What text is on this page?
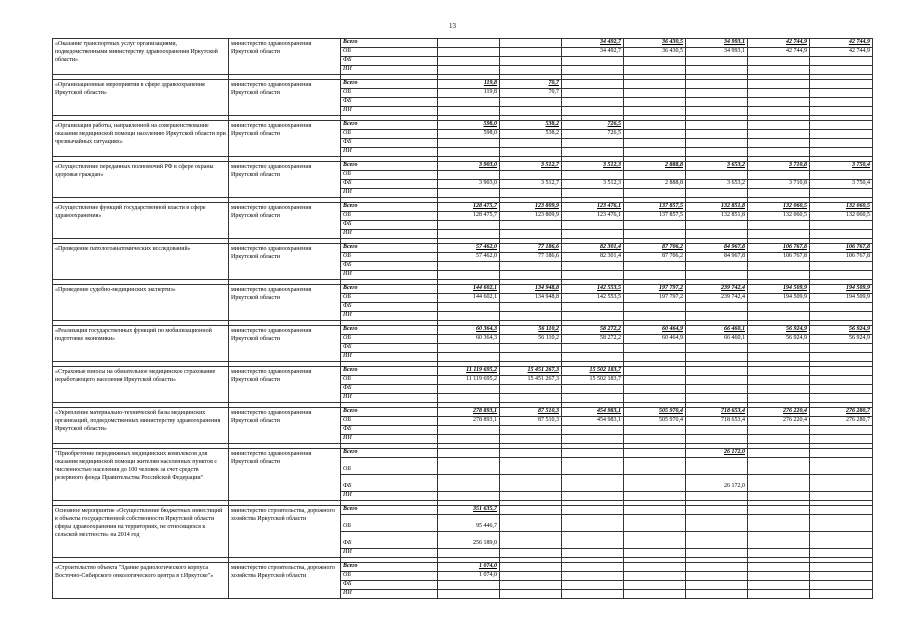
13
«Оказание транспортных услуг организациями, подведомственными министерству здравоохранения Иркутской области»	министерство здравоохранения Иркутской области	Всего			34 492,7	36 430,5	34 993,1	42 744,9	42 744,9
		ОБ			34 492,7	36 430,5	34 993,1	42 744,9	42 744,9
		ФБ							
		ИИ							

«Организационные мероприятия в сфере здравоохранения Иркутской области»	министерство здравоохранения Иркутской области	Всего	119,8	70,7					
		ОБ	119,8	70,7					
		ФБ							
		ИИ							

«Организация работы, направленной на совершенствование оказания медицинской помощи населению Иркутской области при чрезвычайных ситуациях»	министерство здравоохранения Иркутской области	Всего	598,0	538,2	726,5				
		ОБ	598,0	538,2	726,5				
		ФБ							
		ИИ							

«Осуществление переданных полномочий РФ в сфере охраны здоровья граждан»	министерство здравоохранения Иркутской области	Всего	3 903,0	3 512,7	3 512,3	2 888,8	3 653,2	3 710,8	3 750,4
		ОБ							
		ФБ	3 903,0	3 512,7	3 512,3	2 888,8	3 653,2	3 710,8	3 750,4
		ИИ							

«Осуществление функций государственной власти в сфере здравоохранения»	министерство здравоохранения Иркутской области	Всего	128 475,7	123 809,9	123 476,1	137 857,5	132 851,8	132 060,5	132 060,5
		ОБ	128 475,7	123 809,9	123 476,1	137 857,5	132 851,8	132 060,5	132 060,5
		ФБ							
		ИИ							

«Проведение патологоанатомических исследований»	министерство здравоохранения Иркутской области	Всего	57 462,0	77 186,6	82 301,4	87 706,2	84 967,8	106 767,8	106 767,8
		ОБ	57 462,0	77 186,6	82 301,4	87 706,2	84 967,8	106 767,8	106 767,8
		ФБ							
		ИИ							

«Проведение судебно-медицинских экспертиз»	министерство здравоохранения Иркутской области	Всего	144 602,1	134 948,8	142 553,5	197 797,2	239 742,4	194 509,9	194 509,9
		ОБ	144 602,1	134 948,8	142 553,5	197 797,2	239 742,4	194 509,9	194 509,9
		ФБ							
		ИИ							

«Реализация государственных функций по мобилизационной подготовке экономики»	министерство здравоохранения Иркутской области	Всего	60 364,3	56 110,2	58 272,2	60 464,9	66 460,1	56 924,9	56 924,9
		ОБ	60 364,3	56 110,2	58 272,2	60 464,9	66 460,1	56 924,9	56 924,9
		ФБ							
		ИИ							

«Страховые взносы на обязательное медицинское страхование неработающего населения Иркутской области»	министерство здравоохранения Иркутской области	Всего	11 119 695,2	15 451 267,3	15 502 183,7				
		ОБ	11 119 695,2	15 451 267,3	15 502 183,7				
		ФБ							
		ИИ							

«Укрепление материально-технической базы медицинских организаций, подведомственных министерству здравоохранения Иркутской области»	министерство здравоохранения Иркутской области	Всего	278 893,1	87 510,3	454 983,1	505 970,4	718 653,4	276 220,4	276 280,7
		ОБ	278 893,1	87 510,3	454 983,1	505 970,4	718 653,4	276 220,4	276 280,7
		ФБ							
		ИИ							

"Приобретение передвижных медицинских комплексов для оказания медицинской помощи жителям населенных пунктов с численностью населения до 100 человек за счет средств резервного фонда Правительства Российской Федерации"	министерство здравоохранения Иркутской области	Всего					26 172,0		
		ОБ							
		ФБ					26 172,0		
		ИИ							

Основное мероприятие «Осуществление бюджетных инвестиций в объекты государственной собственности Иркутской области сферы здравоохранения на территориях, не относящихся к сельской местности» на 2014 год	министерство строительства, дорожного хозяйства Иркутской области	Всего	351 635,7						
		ОБ	95 446,7						
		ФБ	256 189,0						
		ИИ							

«Строительство объекта "Здание радиологического корпуса Восточно-Сибирского онкологического центра в г.Иркутске"»	министерство строительства, дорожного хозяйства Иркутской области	Всего	1 074,0						
		ОБ	1 074,0						
		ФБ							
		ИИ							
